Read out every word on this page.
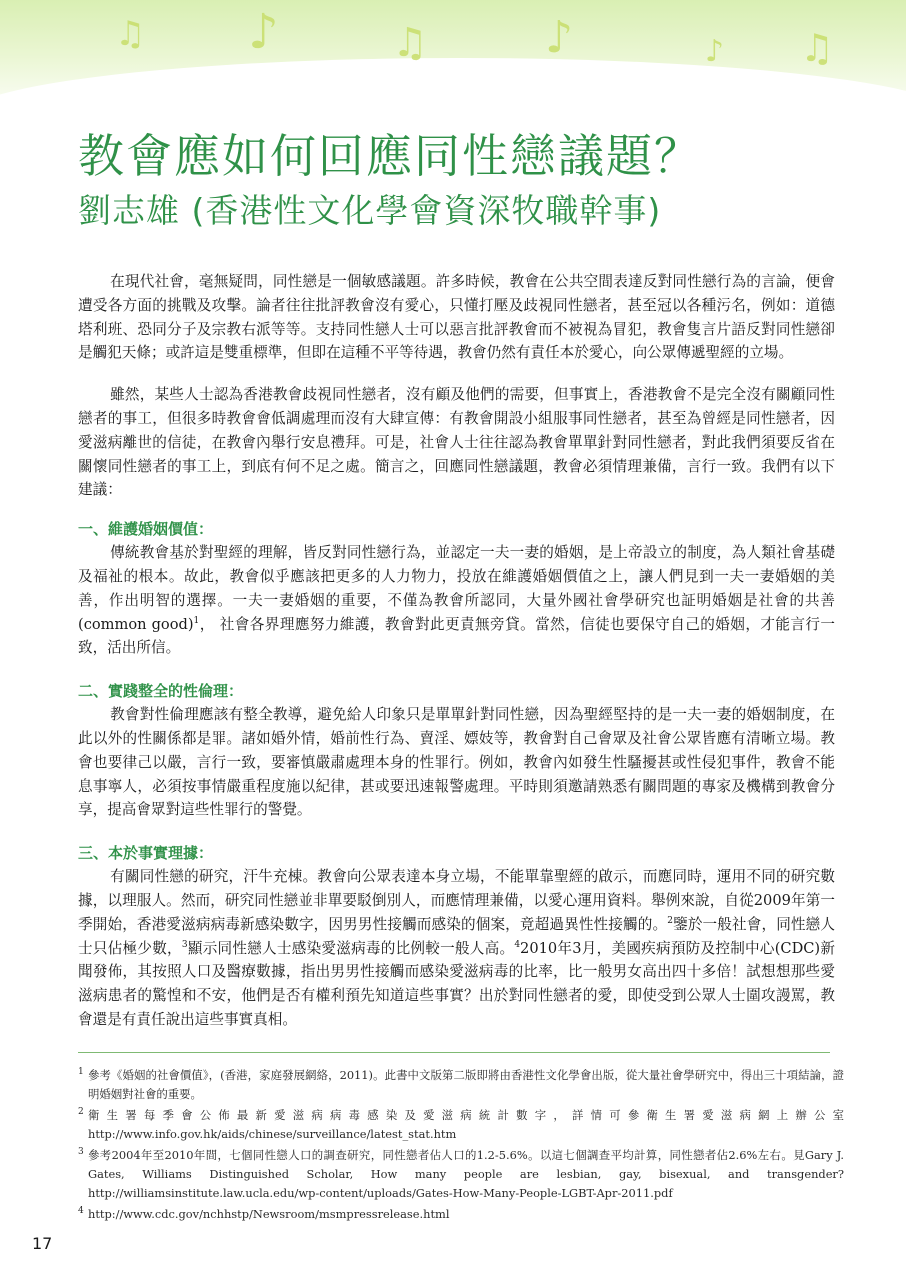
♫ ♪	♫	♪	♪ ♫
教會應如何回應同性戀議題？
劉志雄 (香港性文化學會資深牧職幹事)

在現代社會，毫無疑問，同性戀是一個敏感議題。許多時候，教會在公共空間表達反對同性戀行為的言論，便會遭受各方面的挑戰及攻擊。論者往往批評教會沒有愛心，只懂打壓及歧視同性戀者，甚至冠以各種污名，例如：道德塔利班、恐同分子及宗教右派等等。支持同性戀人士可以惡言批評教會而不被視為冒犯，教會隻言片語反對同性戀卻是觸犯天條；或許這是雙重標準，但即在這種不平等待遇，教會仍然有責任本於愛心，向公眾傳遞聖經的立場。

雖然，某些人士認為香港教會歧視同性戀者，沒有顧及他們的需要，但事實上，香港教會不是完全沒有關顧同性戀者的事工，但很多時教會會低調處理而沒有大肆宣傳：有教會開設小組服事同性戀者，甚至為曾經是同性戀者，因愛滋病離世的信徒，在教會內舉行安息禮拜。可是，社會人士往往認為教會單單針對同性戀者，對此我們須要反省在關懷同性戀者的事工上，到底有何不足之處。簡言之，回應同性戀議題，教會必須情理兼備，言行一致。我們有以下建議：

一、維護婚姻價值：

傳統教會基於對聖經的理解，皆反對同性戀行為，並認定一夫一妻的婚姻，是上帝設立的制度，為人類社會基礎及福祉的根本。故此，教會似乎應該把更多的人力物力，投放在維護婚姻價值之上，讓人們見到一夫一妻婚姻的美善，作出明智的選擇。一夫一妻婚姻的重要，不僅為教會所認同，大量外國社會學研究也証明婚姻是社會的共善(common good)$^1$， 社會各界理應努力維護，教會對此更責無旁貸。當然，信徒也要保守自己的婚姻，才能言行一致，活出所信。

二、實踐整全的性倫理：

教會對性倫理應該有整全教導，避免給人印象只是單單針對同性戀，因為聖經堅持的是一夫一妻的婚姻制度，在此以外的性關係都是罪。諸如婚外情，婚前性行為、賣淫、嫖妓等，教會對自己會眾及社會公眾皆應有清晰立場。教會也要律己以嚴，言行一致，要審慎嚴肅處理本身的性罪行。例如，教會內如發生性騷擾甚或性侵犯事件，教會不能息事寧人，必須按事情嚴重程度施以紀律，甚或要迅速報警處理。平時則須邀請熟悉有關問題的專家及機構到教會分享，提高會眾對這些性罪行的警覺。

三、本於事實理據：

有關同性戀的研究，汗牛充棟。教會向公眾表達本身立場，不能單靠聖經的啟示，而應同時，運用不同的研究數據，以理服人。然而，研究同性戀並非單要駁倒別人，而應情理兼備，以愛心運用資料。舉例來說，自從2009年第一季開始，香港愛滋病病毒新感染數字，因男男性接觸而感染的個案，竟超過異性性接觸的。$^2$鑒於一般社會，同性戀人士只佔極少數，$^3$顯示同性戀人士感染愛滋病毒的比例較一般人高。$^4$2010年3月，美國疾病預防及控制中心(CDC)新聞發佈，其按照人口及醫療數據，指出男男性接觸而感染愛滋病毒的比率，比一般男女高出四十多倍！試想想那些愛滋病患者的驚惶和不安，他們是否有權利預先知道這些事實？出於對同性戀者的愛，即使受到公眾人士圍攻謾罵，教會還是有責任說出這些事實真相。

1 參考《婚姻的社會價值》，(香港，家庭發展網絡，2011)。此書中文版第二版即將由香港性文化學會出版，從大量社會學研究中，得出三十項結論，證明婚姻對社會的重要。
2 衛生署每季會公佈最新愛滋病病毒感染及愛滋病統計數字，詳情可參衛生署愛滋病網上辦公室http://www.info.gov.hk/aids/chinese/surveillance/latest_stat.htm
3 參考2004年至2010年間，七個同性戀人口的調查研究，同性戀者佔人口的1.2-5.6%。以這七個調查平均計算，同性戀者佔2.6%左右。見Gary J. Gates, Williams Distinguished Scholar, How many people are lesbian, gay, bisexual, and transgender? http://williamsinstitute.law.ucla.edu/wp-content/uploads/Gates-How-Many-People-LGBT-Apr-2011.pdf
4 http://www.cdc.gov/nchhstp/Newsroom/msmpressrelease.html
17
